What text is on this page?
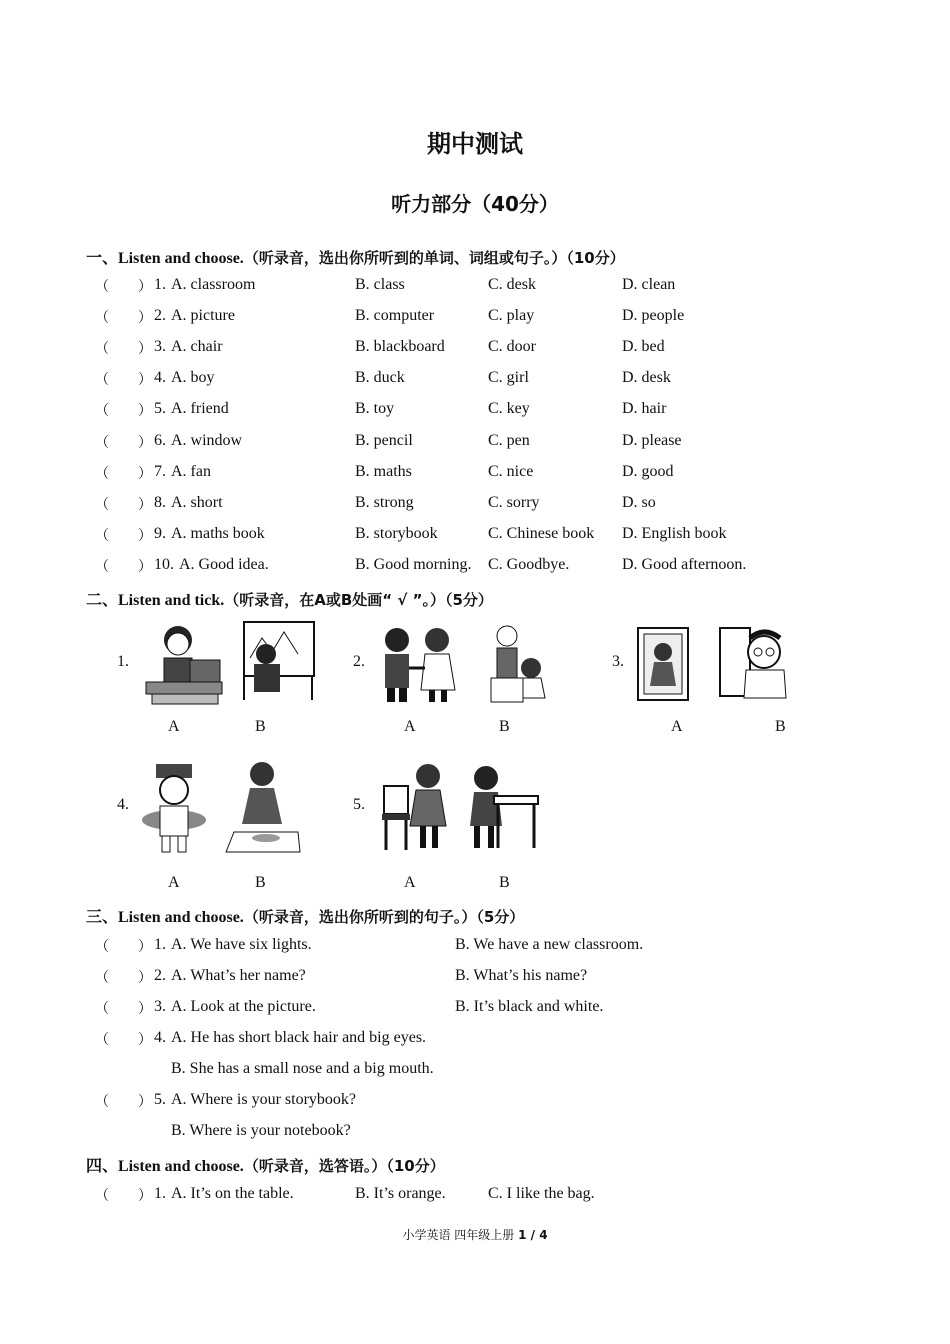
期中测试
听力部分（40分）
一、Listen and choose.（听录音，选出你所听到的单词、词组或句子。）（10分）
（ ） 1. A. classroom	B. class	C. desk	D. clean
（ ） 2. A. picture	B. computer	C. play	D. people
（ ） 3. A. chair	B. blackboard	C. door	D. bed
（ ） 4. A. boy	B. duck	C. girl	D. desk
（ ） 5. A. friend	B. toy	C. key	D. hair
（ ） 6. A. window	B. pencil	C. pen	D. please
（ ） 7. A. fan	B. maths	C. nice	D. good
（ ） 8. A. short	B. strong	C. sorry	D. so
（ ） 9. A. maths book	B. storybook	C. Chinese book D. English book
（ ） 10. A. Good idea.	B. Good morning. C. Goodbye.	D. Good afternoon.
二、Listen and tick.（听录音，在A或B处画“ √ ”。）（5分）
1.
A	B
2.
A	B
3.
A	B
4.
A	B
5.
A	B
三、Listen and choose.（听录音，选出你所听到的句子。）（5分）
（ ） 1. A. We have six lights.	B. We have a new classroom.
（ ） 2. A. What’s her name?	B. What’s his name?
（ ） 3. A. Look at the picture.	B. It’s black and white.
（ ） 4. A. He has short black hair and big eyes.
B. She has a small nose and a big mouth.
（ ） 5. A. Where is your storybook?
B. Where is your notebook?
四、Listen and choose.（听录音，选答语。）（10分）
（ ） 1. A. It’s on the table.	B. It’s orange.	C. I like the bag.
小学英语 四年级上册 1 / 4
